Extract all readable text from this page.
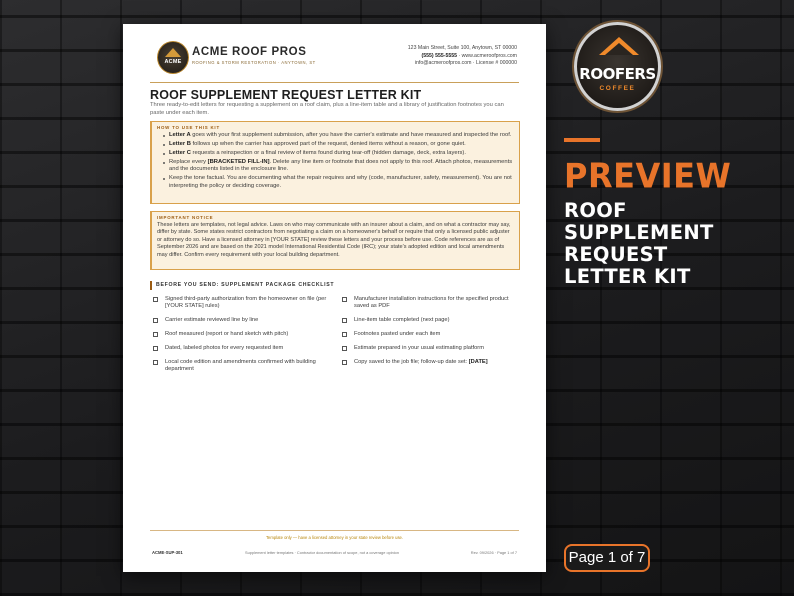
ACME
ACME ROOF PROS
ROOFING & STORM RESTORATION · ANYTOWN, ST
123 Main Street, Suite 100, Anytown, ST 00000
(555) 555-5555 · www.acmeroofpros.com
info@acmeroofpros.com · License # 000000
ROOF SUPPLEMENT REQUEST LETTER KIT
Three ready-to-edit letters for requesting a supplement on a roof claim, plus a line-item table and a library of justification footnotes you can paste under each item.
HOW TO USE THIS KIT
Letter A goes with your first supplement submission, after you have the carrier's estimate and have measured and inspected the roof.
Letter B follows up when the carrier has approved part of the request, denied items without a reason, or gone quiet.
Letter C requests a reinspection or a final review of items found during tear-off (hidden damage, deck, extra layers).
Replace every [BRACKETED FILL-IN]. Delete any line item or footnote that does not apply to this roof. Attach photos, measurements and the documents listed in the enclosure line.
Keep the tone factual. You are documenting what the repair requires and why (code, manufacturer, safety, measurement). You are not interpreting the policy or deciding coverage.
IMPORTANT NOTICE
These letters are templates, not legal advice. Laws on who may communicate with an insurer about a claim, and on what a contractor may say, differ by state. Some states restrict contractors from negotiating a claim on a homeowner's behalf or require that only a licensed public adjuster or attorney do so. Have a licensed attorney in [YOUR STATE] review these letters and your process before use. Code references are as of September 2026 and are based on the 2021 model International Residential Code (IRC); your state's adopted edition and local amendments may differ. Confirm every requirement with your local building department.
BEFORE YOU SEND: SUPPLEMENT PACKAGE CHECKLIST
Signed third-party authorization from the homeowner on file (per [YOUR STATE] rules)
Carrier estimate reviewed line by line
Roof measured (report or hand sketch with pitch)
Dated, labeled photos for every requested item
Local code edition and amendments confirmed with building department
Manufacturer installation instructions for the specified product saved as PDF
Line-item table completed (next page)
Footnotes pasted under each item
Estimate prepared in your usual estimating platform
Copy saved to the job file; follow-up date set: [DATE]
Template only — have a licensed attorney in your state review before use.
ACME-SUP-301	Supplement letter templates · Contractor documentation of scope, not a coverage opinion	Rev. 09/2026 · Page 1 of 7
ROOFERS
COFFEE
PREVIEW
ROOF
SUPPLEMENT
REQUEST
LETTER KIT
Page 1 of 7
